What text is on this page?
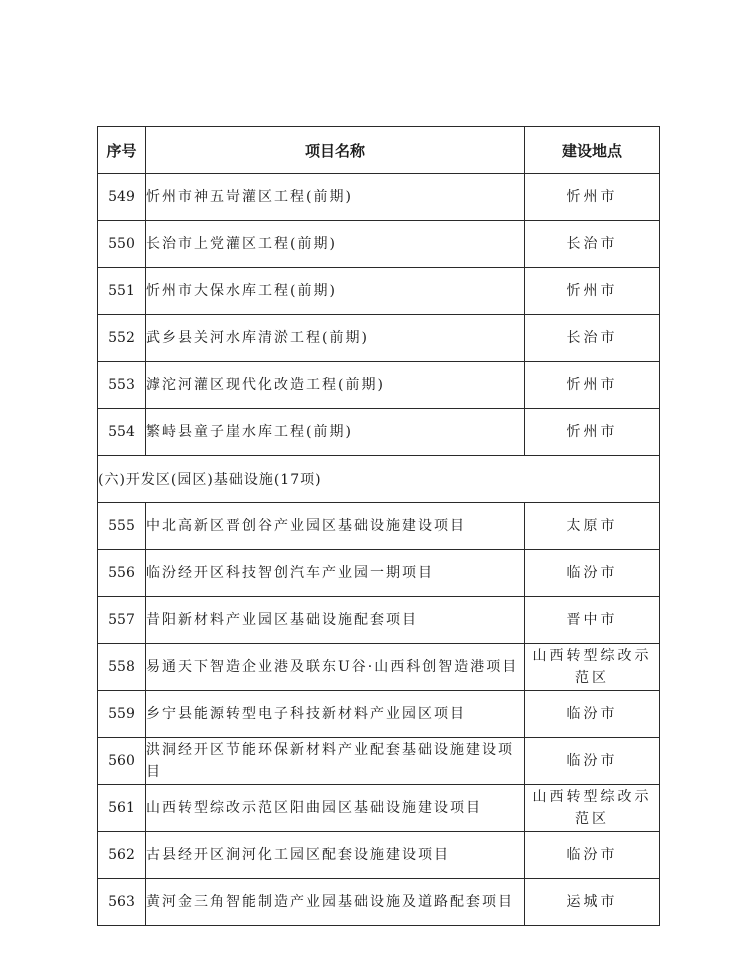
序号	项目名称	建设地点
549	忻州市神五岢灌区工程(前期)	忻州市
550	长治市上党灌区工程(前期)	长治市
551	忻州市大保水库工程(前期)	忻州市
552	武乡县关河水库清淤工程(前期)	长治市
553	滹沱河灌区现代化改造工程(前期)	忻州市
554	繁峙县童子崖水库工程(前期)	忻州市
(六)开发区(园区)基础设施(17项)		
555	中北高新区晋创谷产业园区基础设施建设项目	太原市
556	临汾经开区科技智创汽车产业园一期项目	临汾市
557	昔阳新材料产业园区基础设施配套项目	晋中市
558	易通天下智造企业港及联东U谷·山西科创智造港项目	山西转型综改示范区
559	乡宁县能源转型电子科技新材料产业园区项目	临汾市
560	洪洞经开区节能环保新材料产业配套基础设施建设项目	临汾市
561	山西转型综改示范区阳曲园区基础设施建设项目	山西转型综改示范区
562	古县经开区涧河化工园区配套设施建设项目	临汾市
563	黄河金三角智能制造产业园基础设施及道路配套项目	运城市
